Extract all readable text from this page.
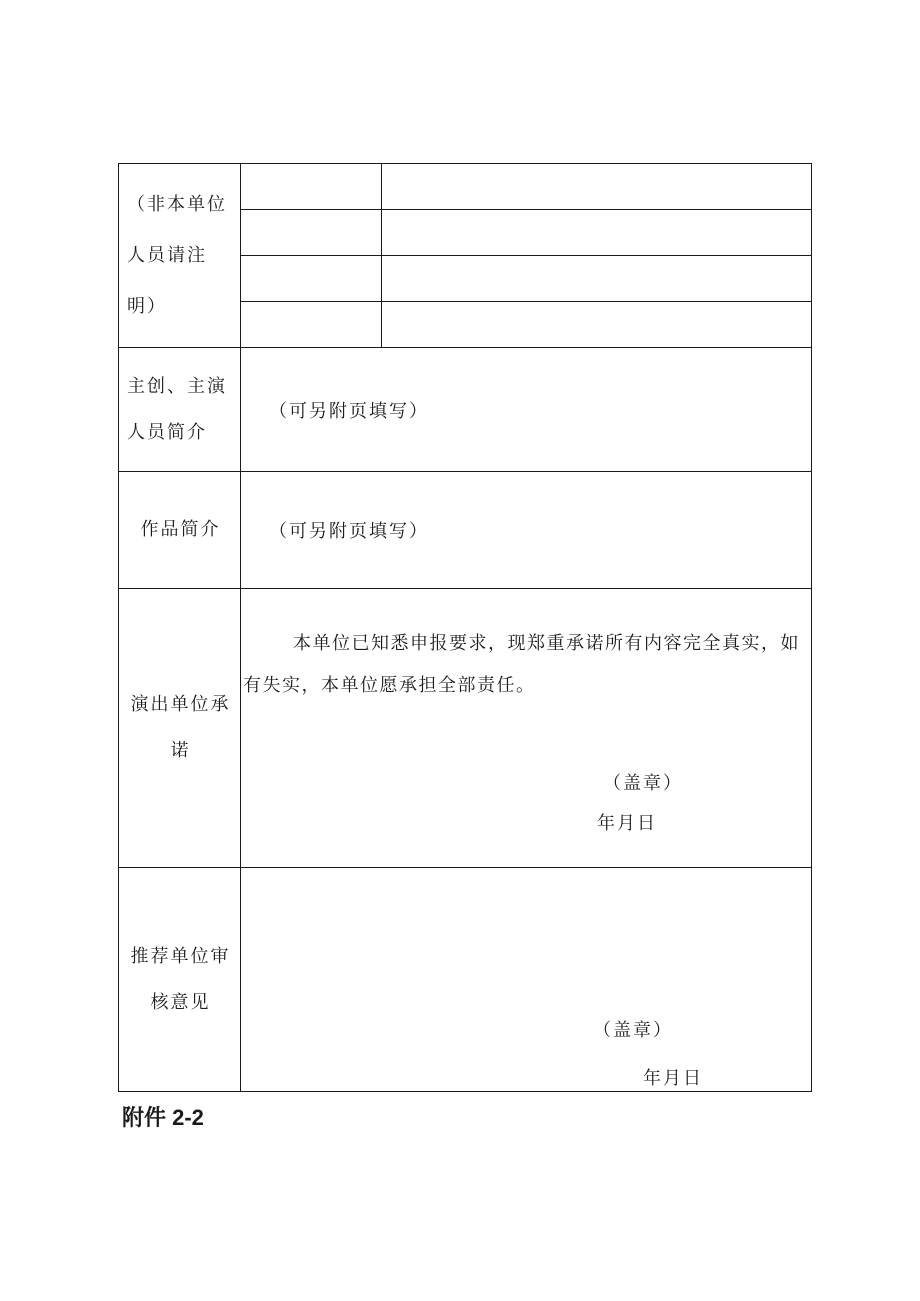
（非本单位人员请注明）		

主创、主演人员简介	（可另附页填写）	
作品简介	（可另附页填写）	
演出单位承诺	本单位已知悉申报要求，现郑重承诺所有内容完全真实，如有失实，本单位愿承担全部责任。

（盖章）
年月日	

推荐单位审核意见	（盖章）
年月日	
附件 2-2
